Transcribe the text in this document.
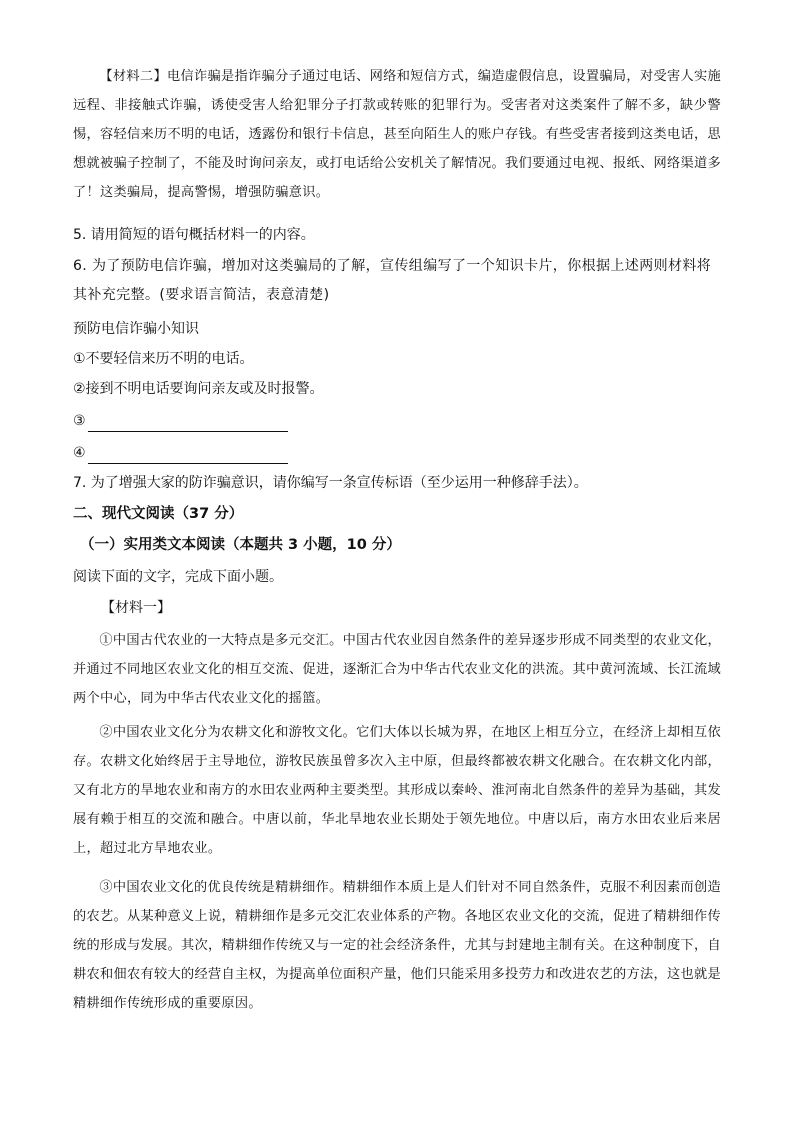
【材料二】电信诈骗是指诈骗分子通过电话、网络和短信方式，编造虚假信息，设置骗局，对受害人实施远程、非接触式诈骗，诱使受害人给犯罪分子打款或转账的犯罪行为。受害者对这类案件了解不多，缺少警惕，容轻信来历不明的电话，透露份和银行卡信息，甚至向陌生人的账户存钱。有些受害者接到这类电话，思想就被骗子控制了，不能及时询问亲友，或打电话给公安机关了解情况。我们要通过电视、报纸、网络渠道多了！这类骗局，提高警惕，增强防骗意识。

5. 请用简短的语句概括材料一的内容。

6. 为了预防电信诈骗，增加对这类骗局的了解，宣传组编写了一个知识卡片，你根据上述两则材料将其补充完整。(要求语言简洁，表意清楚)

预防电信诈骗小知识
①不要轻信来历不明的电话。
②接到不明电话要询问亲友或及时报警。
③
④
7. 为了增强大家的防诈骗意识，请你编写一条宣传标语（至少运用一种修辞手法）。
二、现代文阅读（37 分）
（一）实用类文本阅读（本题共 3 小题，10 分）
阅读下面的文字，完成下面小题。
【材料一】

①中国古代农业的一大特点是多元交汇。中国古代农业因自然条件的差异逐步形成不同类型的农业文化，并通过不同地区农业文化的相互交流、促进，逐渐汇合为中华古代农业文化的洪流。其中黄河流域、长江流域两个中心，同为中华古代农业文化的摇篮。

②中国农业文化分为农耕文化和游牧文化。它们大体以长城为界，在地区上相互分立，在经济上却相互依存。农耕文化始终居于主导地位，游牧民族虽曾多次入主中原，但最终都被农耕文化融合。在农耕文化内部，又有北方的旱地农业和南方的水田农业两种主要类型。其形成以秦岭、淮河南北自然条件的差异为基础，其发展有赖于相互的交流和融合。中唐以前，华北旱地农业长期处于领先地位。中唐以后，南方水田农业后来居上，超过北方旱地农业。

③中国农业文化的优良传统是精耕细作。精耕细作本质上是人们针对不同自然条件，克服不利因素而创造的农艺。从某种意义上说，精耕细作是多元交汇农业体系的产物。各地区农业文化的交流，促进了精耕细作传统的形成与发展。其次，精耕细作传统又与一定的社会经济条件，尤其与封建地主制有关。在这种制度下，自耕农和佃农有较大的经营自主权，为提高单位面积产量，他们只能采用多投劳力和改进农艺的方法，这也就是精耕细作传统形成的重要原因。
